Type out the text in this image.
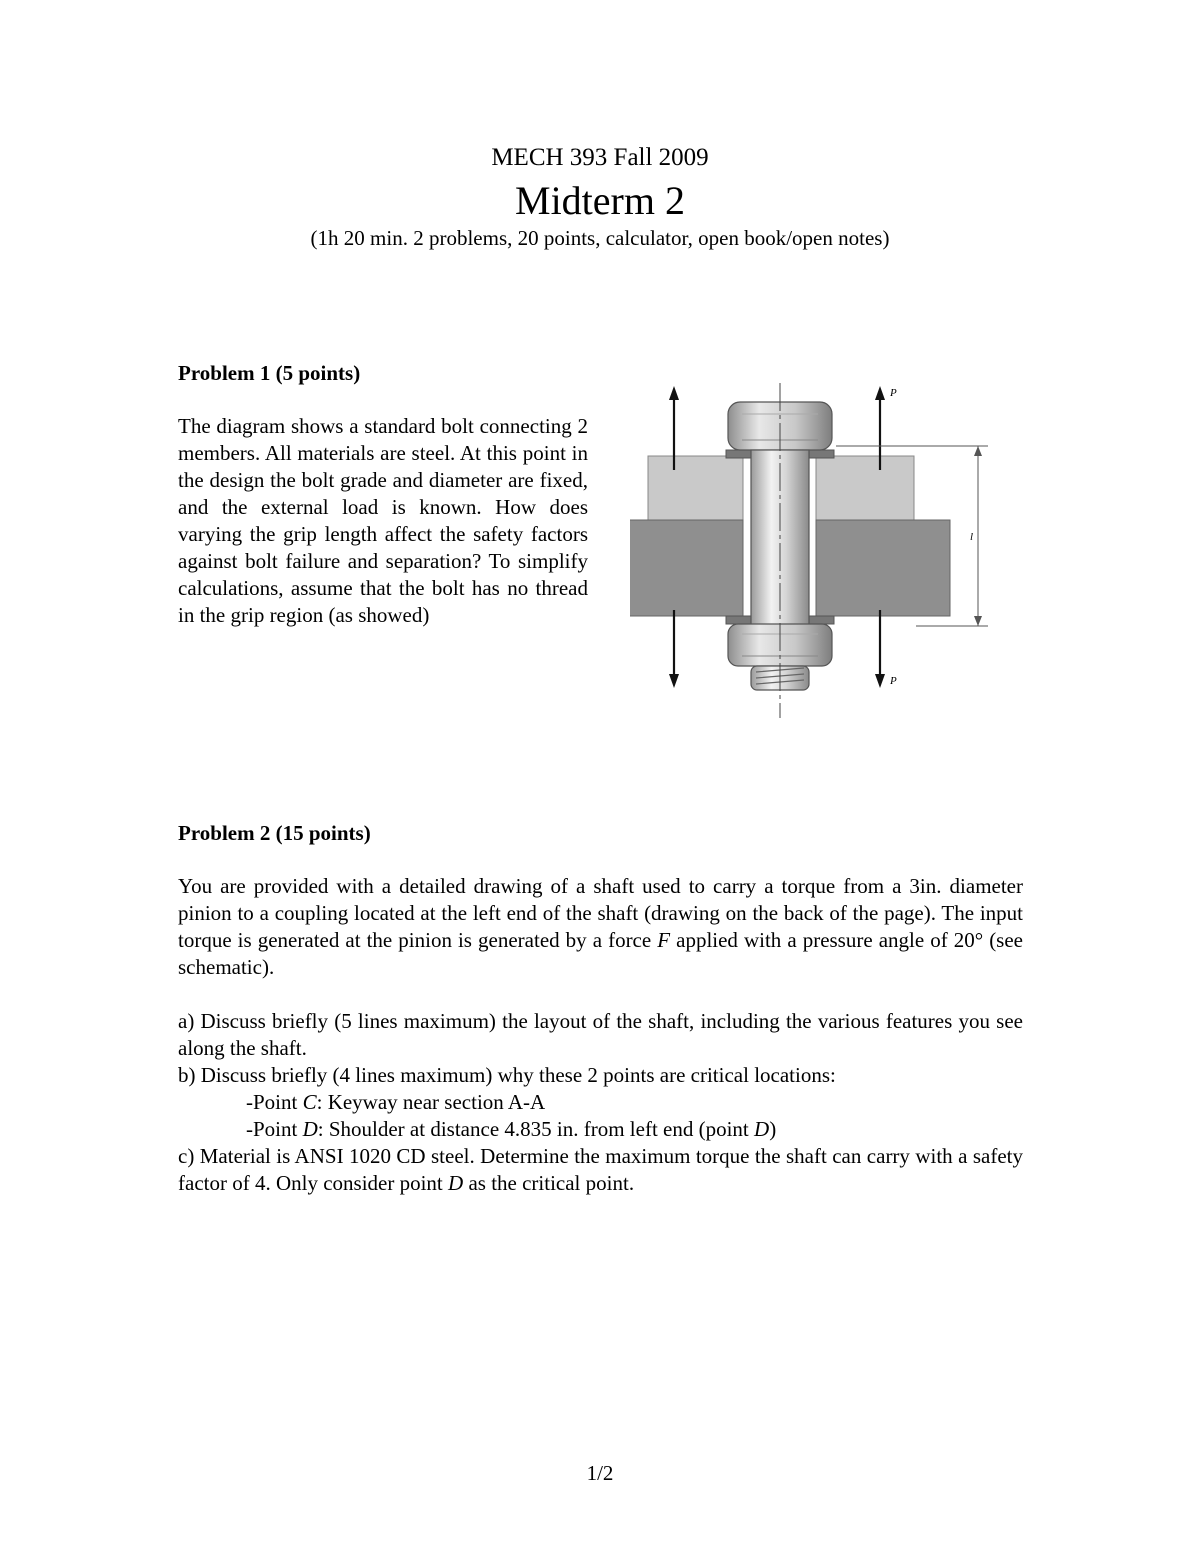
MECH 393 Fall 2009
Midterm 2
(1h 20 min. 2 problems, 20 points, calculator, open book/open notes)
Problem 1 (5 points)
The diagram shows a standard bolt connecting 2 members. All materials are steel. At this point in the design the bolt grade and diameter are fixed, and the external load is known. How does varying the grip length affect the safety factors against bolt failure and separation? To simplify calculations, assume that the bolt has no thread in the grip region (as showed)
P
P
l
Problem 2 (15 points)
You are provided with a detailed drawing of a shaft used to carry a torque from a 3in. diameter pinion to a coupling located at the left end of the shaft (drawing on the back of the page). The input torque is generated at the pinion is generated by a force F applied with a pressure angle of 20° (see schematic).
a) Discuss briefly (5 lines maximum) the layout of the shaft, including the various features you see along the shaft.
b) Discuss briefly (4 lines maximum) why these 2 points are critical locations:
-Point C: Keyway near section A-A
-Point D: Shoulder at distance 4.835 in. from left end (point D)
c) Material is ANSI 1020 CD steel. Determine the maximum torque the shaft can carry with a safety factor of 4. Only consider point D as the critical point.
1/2
